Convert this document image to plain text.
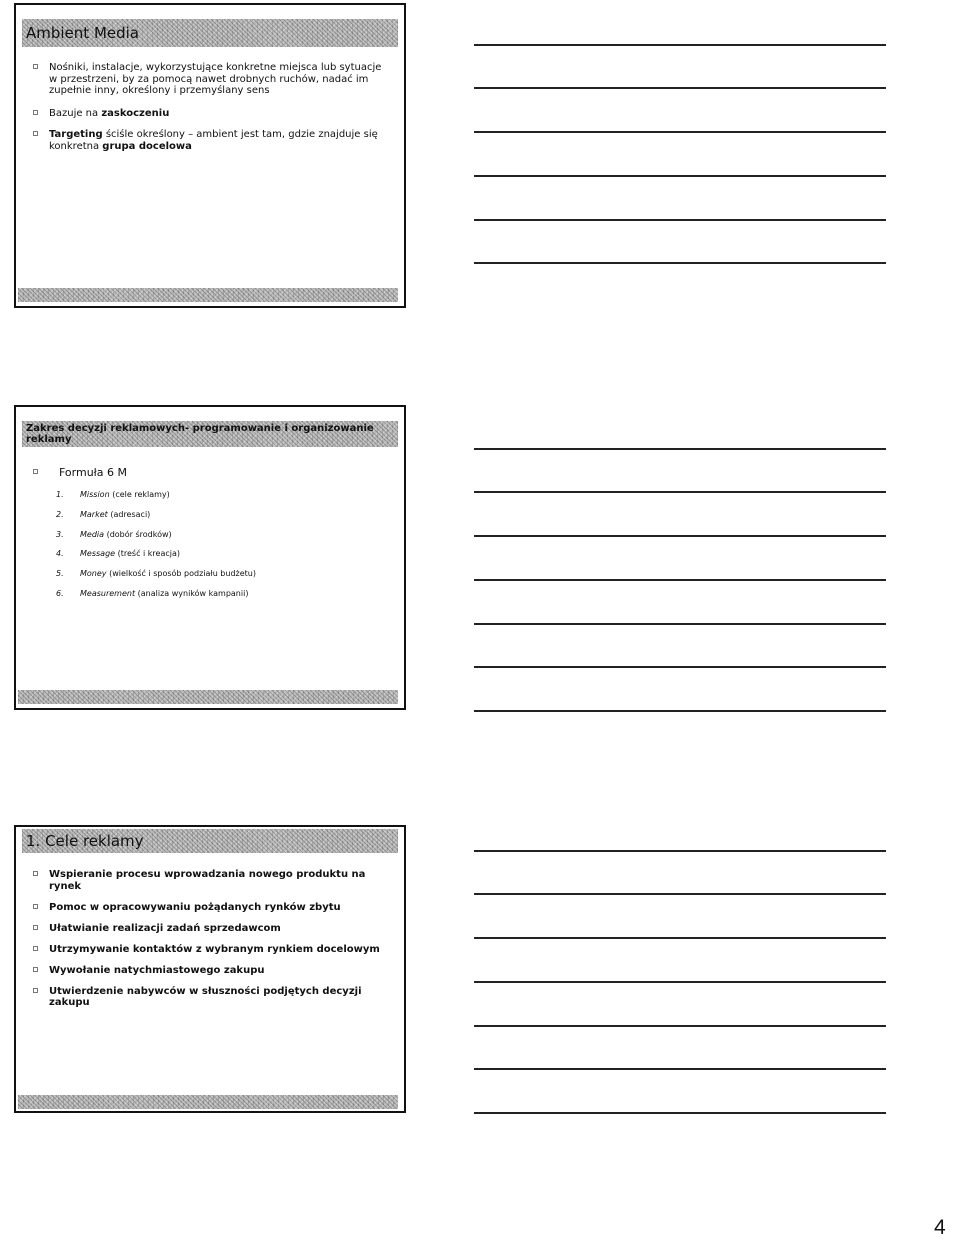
Ambient Media
Nośniki, instalacje, wykorzystujące konkretne miejsca lub sytuacje w przestrzeni, by za pomocą nawet drobnych ruchów, nadać im zupełnie inny, określony i przemyślany sens
Bazuje na zaskoczeniu
Targeting ściśle określony – ambient jest tam, gdzie znajduje się konkretna grupa docelowa
Zakres decyzji reklamowych- programowanie i organizowanie reklamy
Formuła 6 M
1. Mission (cele reklamy)
2. Market (adresaci)
3. Media (dobór środków)
4. Message (treść i kreacja)
5. Money (wielkość i sposób podziału budżetu)
6. Measurement (analiza wyników kampanii)
1. Cele reklamy
Wspieranie procesu wprowadzania nowego produktu na rynek
Pomoc w opracowywaniu pożądanych rynków zbytu
Ułatwianie realizacji zadań sprzedawcom
Utrzymywanie kontaktów z wybranym rynkiem docelowym
Wywołanie natychmiastowego zakupu
Utwierdzenie nabywców w słuszności podjętych decyzji zakupu
4
